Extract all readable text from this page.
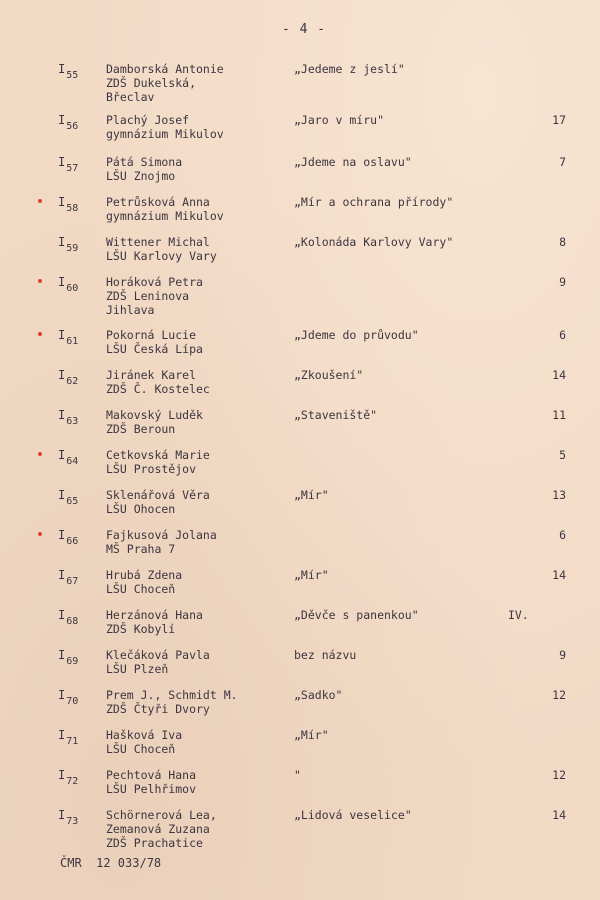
- 4 -
$I_{55}$ Damborská Antonie
ZDŠ Dukelská,
Břeclav
„Jedeme z jeslí"
$I_{56}$ Plachý Josef
gymnázium Mikulov
„Jaro v míru"	17
$I_{57}$ Pátá Simona
LŠU Znojmo
„Jdeme na oslavu"	7
$I_{58}$ Petrůsková Anna
gymnázium Mikulov
„Mír a ochrana přírody"
$I_{59}$ Wittener Michal
LŠU Karlovy Vary
„Kolonáda Karlovy Vary"	8
$I_{60}$ Horáková Petra
ZDŠ Leninova
Jihlava
9
$I_{61}$ Pokorná Lucie
LŠU Česká Lípa
„Jdeme do průvodu"	6
$I_{62}$ Jiránek Karel
ZDŠ Č. Kostelec
„Zkoušení"	14
$I_{63}$ Makovský Luděk
ZDŠ Beroun
„Staveniště"	11
$I_{64}$ Cetkovská Marie
LŠU Prostějov
5
$I_{65}$ Sklenářová Věra
LŠU Ohocen
„Mír"	13
$I_{66}$ Fajkusová Jolana
MŠ Praha 7
6
$I_{67}$ Hrubá Zdena
LŠU Choceň
„Mír"	14
$I_{68}$ Herzánová Hana
ZDŠ Kobylí
„Děvče s panenkou"	IV.
$I_{69}$ Klečáková Pavla
LŠU Plzeň
bez názvu	9
$I_{70}$ Prem J., Schmidt M.
ZDŠ Čtyři Dvory
„Sadko"	12
$I_{71}$ Hašková Iva
LŠU Choceň
„Mír"
$I_{72}$ Pechtová Hana
LŠU Pelhřimov
"	12
$I_{73}$ Schörnerová Lea,
Zemanová Zuzana
ZDŠ Prachatice
„Lidová veselice"	14
ČMR  12 033/78
